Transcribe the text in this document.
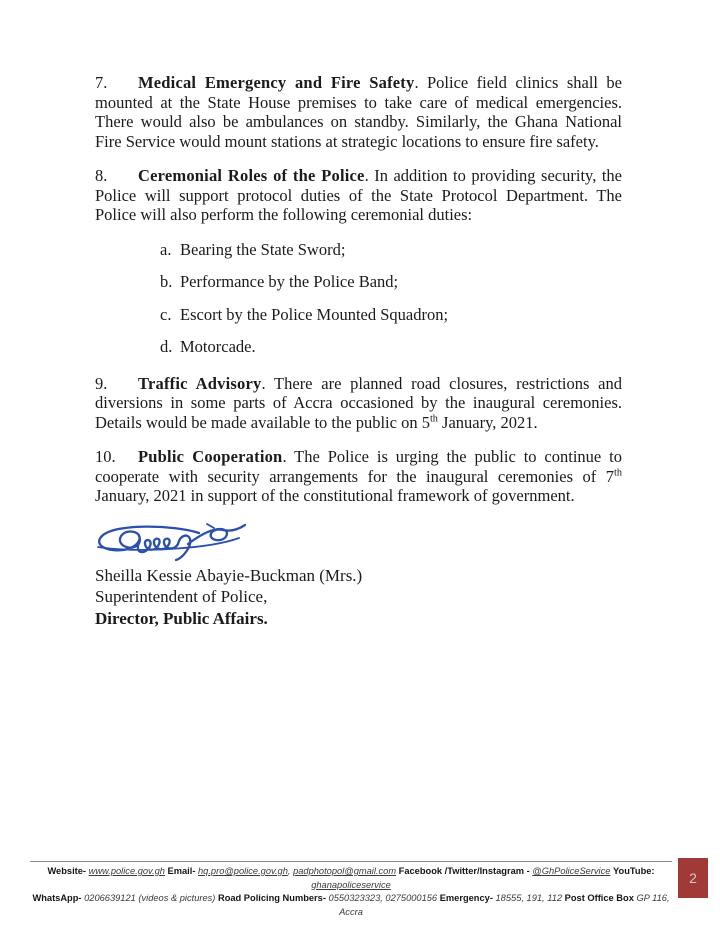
7. Medical Emergency and Fire Safety. Police field clinics shall be mounted at the State House premises to take care of medical emergencies. There would also be ambulances on standby. Similarly, the Ghana National Fire Service would mount stations at strategic locations to ensure fire safety.

8. Ceremonial Roles of the Police. In addition to providing security, the Police will support protocol duties of the State Protocol Department. The Police will also perform the following ceremonial duties:

a. Bearing the State Sword;
b. Performance by the Police Band;
c. Escort by the Police Mounted Squadron;
d. Motorcade.

9. Traffic Advisory. There are planned road closures, restrictions and diversions in some parts of Accra occasioned by the inaugural ceremonies. Details would be made available to the public on 5th January, 2021.

10. Public Cooperation. The Police is urging the public to continue to cooperate with security arrangements for the inaugural ceremonies of 7th January, 2021 in support of the constitutional framework of government.

Sheilla Kessie Abayie-Buckman (Mrs.)
Superintendent of Police,
Director, Public Affairs.
Website- www.police.gov.gh Email- hq.pro@police.gov.gh, padphotopol@gmail.com Facebook /Twitter/Instagram - @GhPoliceService YouTube: ghanapoliceservice
WhatsApp- 0206639121 (videos & pictures) Road Policing Numbers- 0550323323, 0275000156 Emergency- 18555, 191, 112 Post Office Box GP 116, Accra
2
